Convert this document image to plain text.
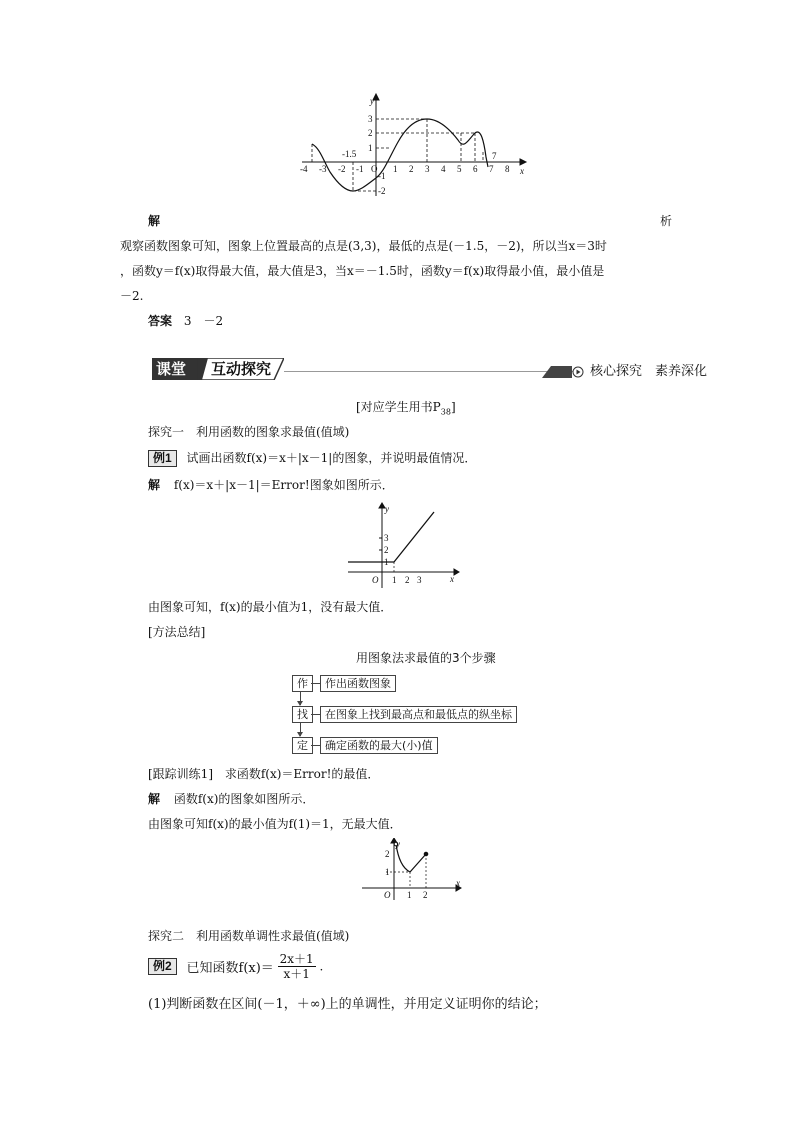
y
x
-4 -3 -2 -1 O 1 2 3 4 5 6 7 8
3
2
1
-1
-2
-1.5	7
解	析
观察函数图象可知，图象上位置最高的点是(3,3)，最低的点是(－1.5，－2)，所以当x＝3时
，函数y＝f(x)取得最大值，最大值是3，当x＝－1.5时，函数y＝f(x)取得最小值，最小值是
－2.
答案 3　－2
课堂 互动探究	核心探究 素养深化
[对应学生用书$P_{38}$]
探究一　利用函数的图象求最值(值域)
例1 试画出函数f(x)＝x＋|x－1|的图象，并说明最值情况．
解 f(x)＝x＋|x－1|＝Error!图象如图所示．
y
x
O 1 2 3
3
2
1
由图象可知，f(x)的最小值为1，没有最大值．
[方法总结]
用图象法求最值的3个步骤
作	作出函数图象
找	在图象上找到最高点和最低点的纵坐标
定	确定函数的最大(小)值
[跟踪训练1] 求函数f(x)＝Error!的最值．
解 函数f(x)的图象如图所示．
由图象可知f(x)的最小值为f(1)＝1，无最大值．
y
x
O 1 2
2
1
探究二　利用函数单调性求最值(值域)
例2 已知函数$f(x)= \frac{2x+1}{x+1}$ .
(1)判断函数在区间(－1，＋∞)上的单调性，并用定义证明你的结论；
